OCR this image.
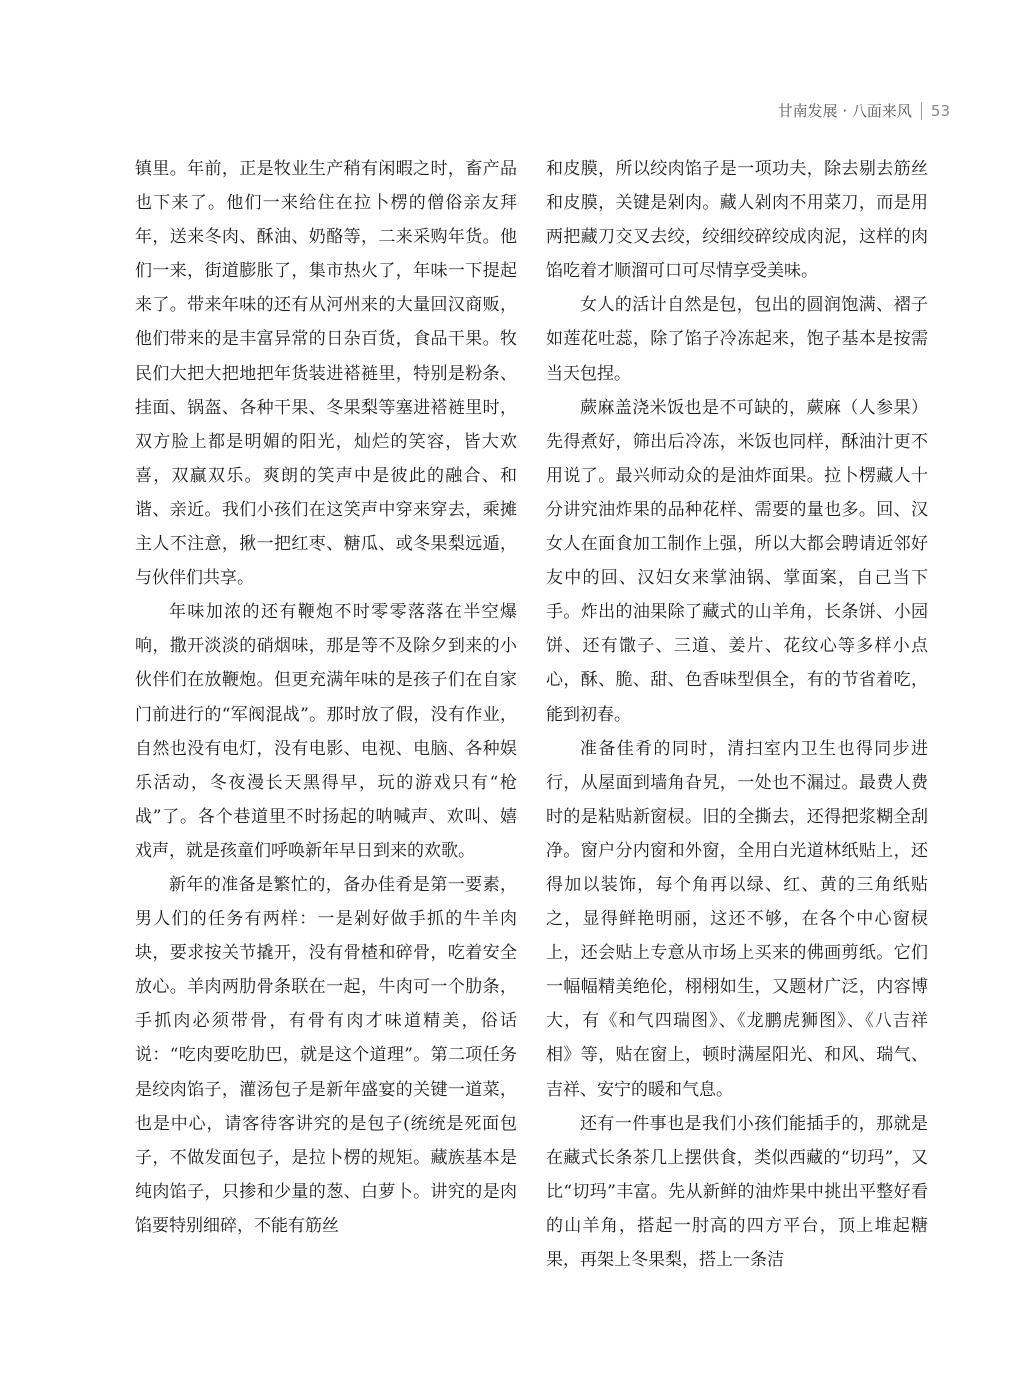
甘南发展 · 八面来风 53

镇里。年前，正是牧业生产稍有闲暇之时，畜产品也下来了。他们一来给住在拉卜楞的僧俗亲友拜年，送来冬肉、酥油、奶酪等，二来采购年货。他们一来，街道膨胀了，集市热火了，年味一下提起来了。带来年味的还有从河州来的大量回汉商贩，他们带来的是丰富异常的日杂百货，食品干果。牧民们大把大把地把年货装进褡裢里，特别是粉条、挂面、锅盔、各种干果、冬果梨等塞进褡裢里时，双方脸上都是明媚的阳光，灿烂的笑容，皆大欢喜，双赢双乐。爽朗的笑声中是彼此的融合、和谐、亲近。我们小孩们在这笑声中穿来穿去，乘摊主人不注意，揪一把红枣、糖瓜、或冬果梨远遁，与伙伴们共享。

年味加浓的还有鞭炮不时零零落落在半空爆响，撒开淡淡的硝烟味，那是等不及除夕到来的小伙伴们在放鞭炮。但更充满年味的是孩子们在自家门前进行的“军阀混战”。那时放了假，没有作业，自然也没有电灯，没有电影、电视、电脑、各种娱乐活动，冬夜漫长天黑得早，玩的游戏只有“枪战”了。各个巷道里不时扬起的呐喊声、欢叫、嬉戏声，就是孩童们呼唤新年早日到来的欢歌。

新年的准备是繁忙的，备办佳肴是第一要素，男人们的任务有两样：一是剁好做手抓的牛羊肉块，要求按关节撬开，没有骨楂和碎骨，吃着安全放心。羊肉两肋骨条联在一起，牛肉可一个肋条，手抓肉必须带骨，有骨有肉才味道精美，俗话说：“吃肉要吃肋巴，就是这个道理”。第二项任务是绞肉馅子，灌汤包子是新年盛宴的关键一道菜，也是中心，请客待客讲究的是包子(统统是死面包子，不做发面包子，是拉卜楞的规矩。藏族基本是纯肉馅子，只掺和少量的葱、白萝卜。讲究的是肉馅要特别细碎，不能有筋丝

和皮膜，所以绞肉馅子是一项功夫，除去剔去筋丝和皮膜，关键是剁肉。藏人剁肉不用菜刀，而是用两把藏刀交叉去绞，绞细绞碎绞成肉泥，这样的肉馅吃着才顺溜可口可尽情享受美味。

女人的活计自然是包，包出的圆润饱满、褶子如莲花吐蕊，除了馅子冷冻起来，饱子基本是按需当天包捏。

蕨麻盖浇米饭也是不可缺的，蕨麻（人参果）先得煮好，筛出后冷冻，米饭也同样，酥油汁更不用说了。最兴师动众的是油炸面果。拉卜楞藏人十分讲究油炸果的品种花样、需要的量也多。回、汉女人在面食加工制作上强，所以大都会聘请近邻好友中的回、汉妇女来掌油锅、掌面案，自己当下手。炸出的油果除了藏式的山羊角，长条饼、小园饼、还有馓子、三道、姜片、花纹心等多样小点心，酥、脆、甜、色香味型俱全，有的节省着吃，能到初春。

准备佳肴的同时，清扫室内卫生也得同步进行，从屋面到墙角旮旯，一处也不漏过。最费人费时的是粘贴新窗棂。旧的全撕去，还得把浆糊全刮净。窗户分内窗和外窗，全用白光道林纸贴上，还得加以装饰，每个角再以绿、红、黄的三角纸贴之，显得鲜艳明丽，这还不够，在各个中心窗棂上，还会贴上专意从市场上买来的佛画剪纸。它们一幅幅精美绝伦，栩栩如生，又题材广泛，内容博大，有《和气四瑞图》、《龙鹏虎狮图》、《八吉祥相》等，贴在窗上，顿时满屋阳光、和风、瑞气、吉祥、安宁的暖和气息。

还有一件事也是我们小孩们能插手的，那就是在藏式长条茶几上摆供食，类似西藏的“切玛”，又比“切玛”丰富。先从新鲜的油炸果中挑出平整好看的山羊角，搭起一肘高的四方平台，顶上堆起糖果，再架上冬果梨，搭上一条洁
